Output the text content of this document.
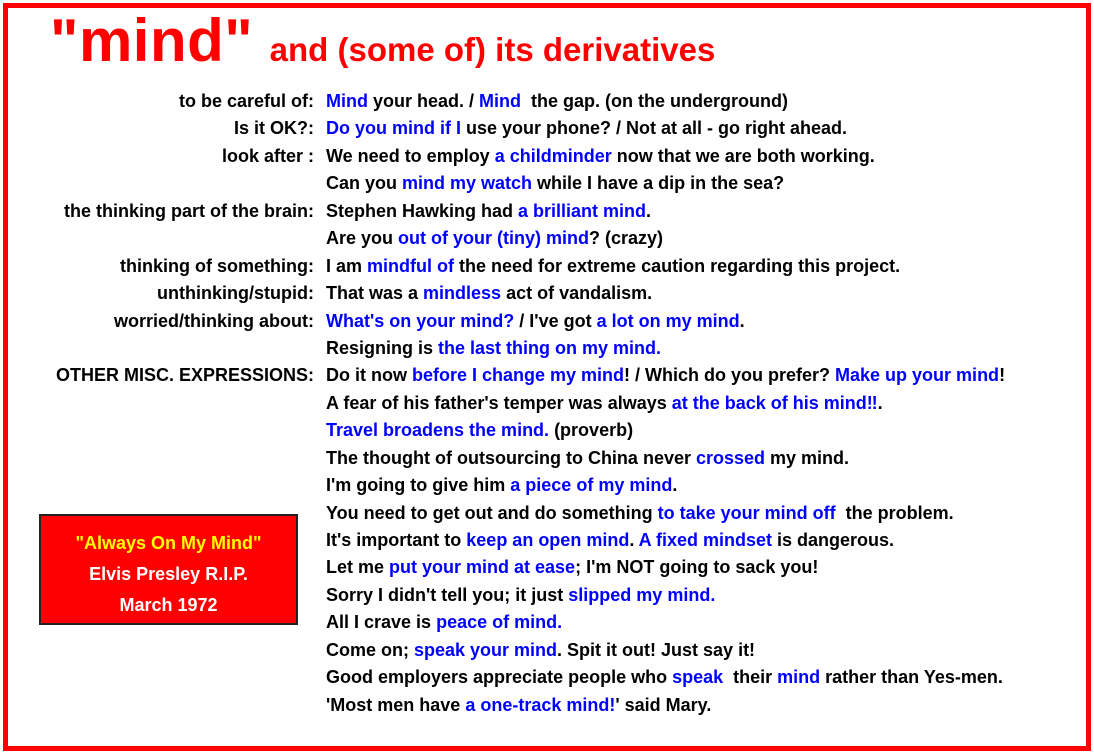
"mind" and (some of) its derivatives
to be careful of:
Is it OK?:
look after :
the thinking part of the brain:
thinking of something:
unthinking/stupid:
worried/thinking about:
OTHER MISC. EXPRESSIONS:
Mind your head. / Mind  the gap. (on the underground)
Do you mind if I use your phone? / Not at all - go right ahead.
We need to employ a childminder now that we are both working.
Can you mind my watch while I have a dip in the sea?
Stephen Hawking had a brilliant mind.
Are you out of your (tiny) mind? (crazy)
I am mindful of the need for extreme caution regarding this project.
That was a mindless act of vandalism.
What's on your mind? / I've got a lot on my mind.
Resigning is the last thing on my mind.
Do it now before I change my mind! / Which do you prefer? Make up your mind!
A fear of his father's temper was always at the back of his mind‼.
Travel broadens the mind. (proverb)
The thought of outsourcing to China never crossed my mind.
I'm going to give him a piece of my mind.
You need to get out and do something to take your mind off  the problem.
It's important to keep an open mind. A fixed mindset is dangerous.
Let me put your mind at ease; I'm NOT going to sack you!
Sorry I didn't tell you; it just slipped my mind.
All I crave is peace of mind.
Come on; speak your mind. Spit it out! Just say it!
Good employers appreciate people who speak  their mind rather than Yes-men.
'Most men have a one-track mind!' said Mary.
"Always On My Mind"
Elvis Presley R.I.P.
March 1972
